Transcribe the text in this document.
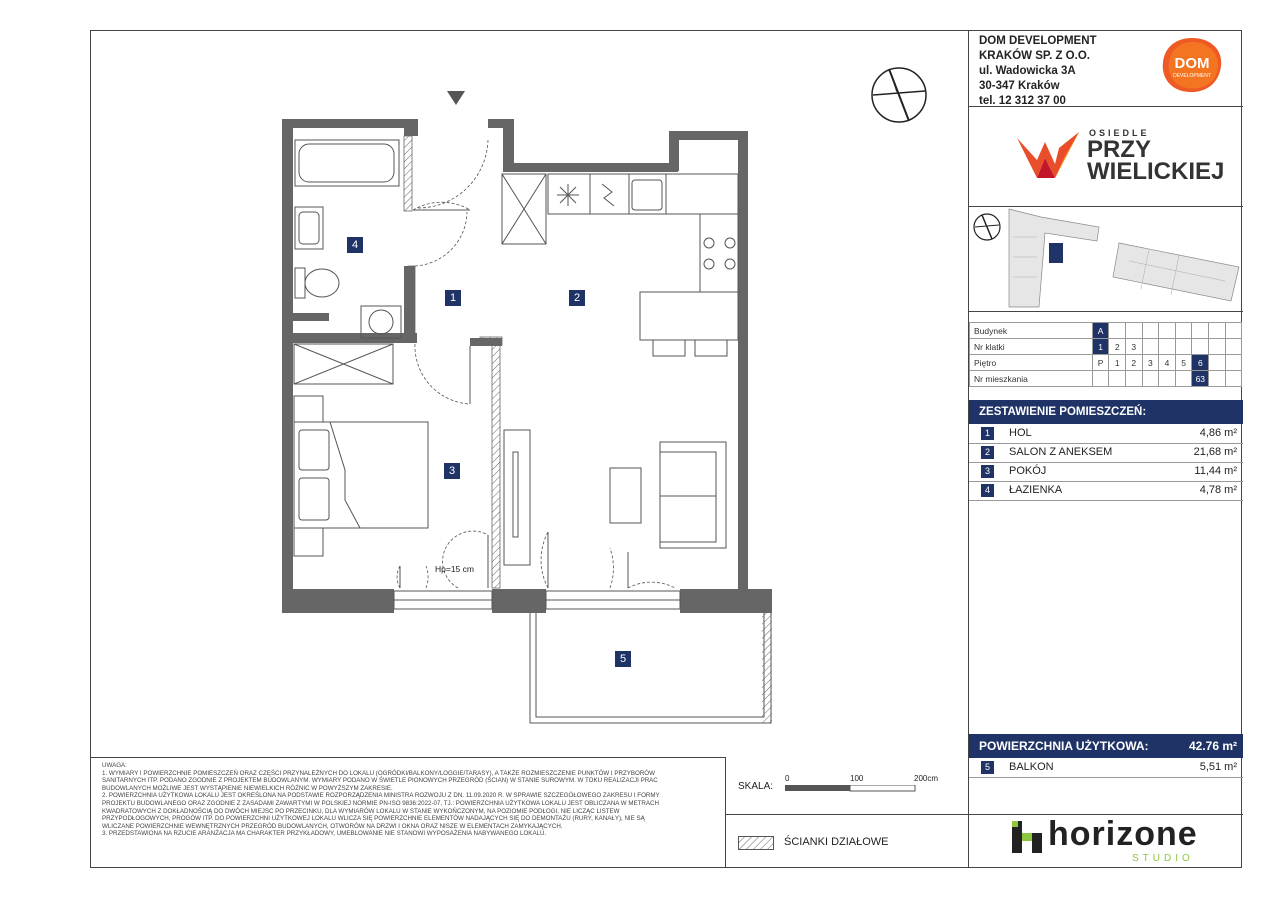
Hp=15 cm
1	2
3
4
5
DOM DEVELOPMENT
KRAKÓW SP. Z O.O.
ul. Wadowicka 3A
30-347 Kraków
tel. 12 312 37 00
DOM
DEVELOPMENT
OSIEDLE
PRZY
WIELICKIEJ
Budynek	A								
Nr klatki	1	2	3						
Piętro	P	1	2	3	4	5	6		
Nr mieszkania							63		
ZESTAWIENIE POMIESZCZEŃ:
1	HOL	4,86 m²
2	SALON Z ANEKSEM	21,68 m²
3	POKÓJ	11,44 m²
4	ŁAZIENKA	4,78 m²
POWIERZCHNIA UŻYTKOWA:	42.76 m²
5	BALKON	5,51 m²
UWAGA:
1. WYMIARY I POWIERZCHNIE POMIESZCZEŃ ORAZ CZĘŚCI PRZYNALEŻNYCH DO LOKALU (OGRÓDKI/BALKONY/LOGGIE/TARASY), A TAKŻE ROZMIESZCZENIE PUNKTÓW I PRZYBORÓW
SANITARNYCH ITP. PODANO ZGODNIE Z PROJEKTEM BUDOWLANYM. WYMIARY PODANO W ŚWIETLE PIONOWYCH PRZEGRÓD (ŚCIAN) W STANIE SUROWYM. W TOKU REALIZACJI PRAC
BUDOWLANYCH MOŻLIWE JEST WYSTĄPIENIE NIEWIELKICH RÓŻNIC W POWYŻSZYM ZAKRESIE.
2. POWIERZCHNIA UŻYTKOWA LOKALU JEST OKREŚLONA NA PODSTAWIE ROZPORZĄDZENIA MINISTRA ROZWOJU Z DN. 11.09.2020 R. W SPRAWIE SZCZEGÓŁOWEGO ZAKRESU I FORMY
PROJEKTU BUDOWLANEGO ORAZ ZGODNIE Z ZASADAMI ZAWARTYMI W POLSKIEJ NORMIE PN-ISO 9836:2022-07, TJ.: POWIERZCHNIA UŻYTKOWA LOKALU JEST OBLICZANA W METRACH
KWADRATOWYCH Z DOKŁADNOŚCIĄ DO DWÓCH MIEJSC PO PRZECINKU, DLA WYMIARÓW LOKALU W STANIE WYKOŃCZONYM, NA POZIOMIE PODŁOGI, NIE LICZĄC LISTEW
PRZYPODŁOGOWYCH, PROGÓW ITP. DO POWIERZCHNI UŻYTKOWEJ LOKALU WLICZA SIĘ POWIERZCHNIE ELEMENTÓW NADAJĄCYCH SIĘ DO DEMONTAŻU (RURY, KANAŁY), NIE SĄ
WLICZANE POWIERZCHNIE WEWNĘTRZNYCH PRZEGRÓD BUDOWLANYCH, OTWORÓW NA DRZWI I OKNA ORAZ NISZE W ELEMENTACH ZAMYKAJĄCYCH.
3. PRZEDSTAWIONA NA RZUCIE ARANŻACJA MA CHARAKTER PRZYKŁADOWY, UMEBLOWANIE NIE STANOWI WYPOSAŻENIA NABYWANEGO LOKALU.
SKALA:
0	100	200cm
ŚCIANKI DZIAŁOWE	horizone
STUDIO
